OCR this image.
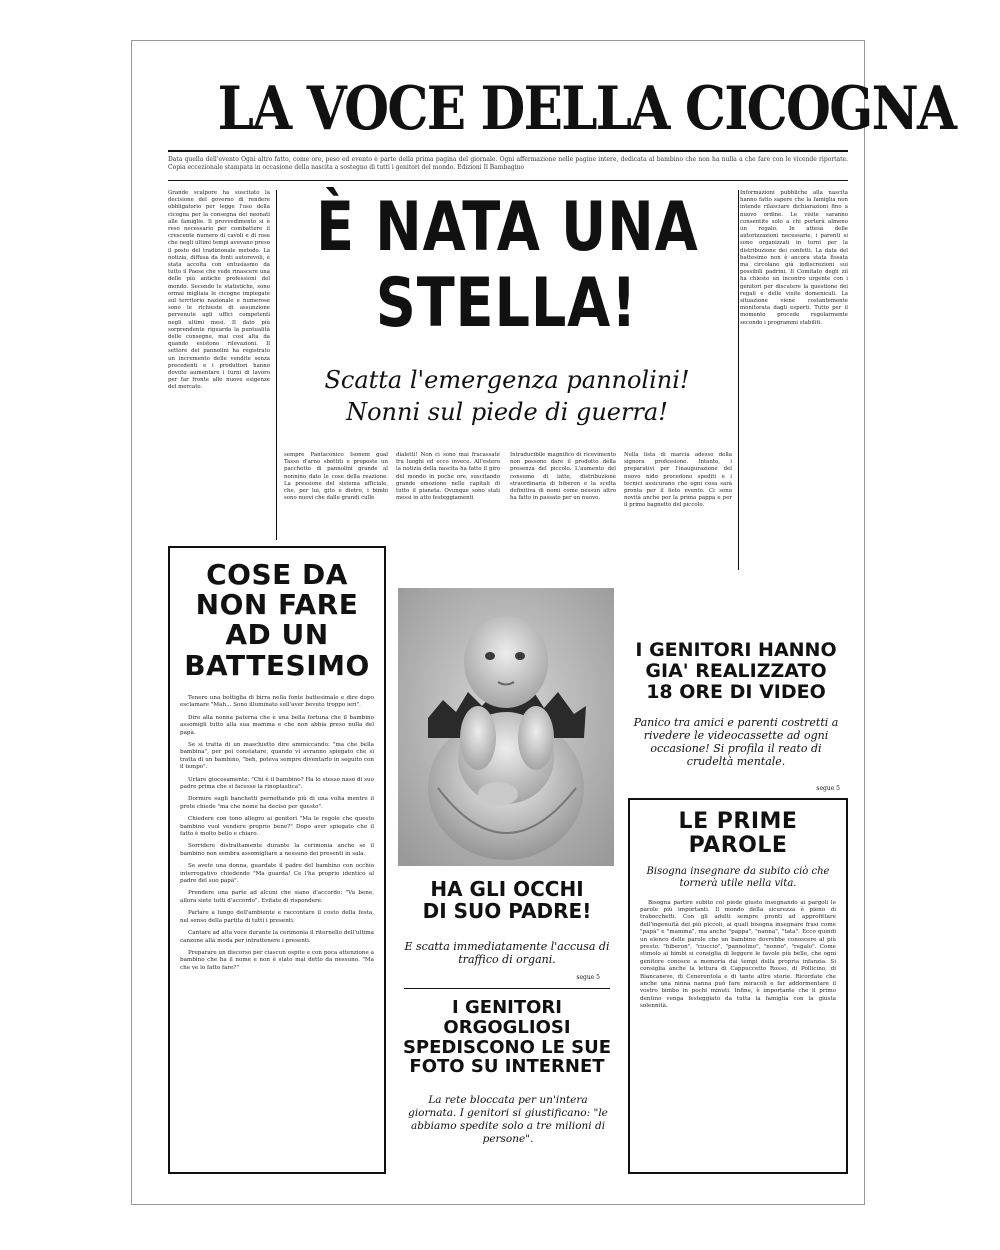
LA VOCE DELLA CICOGNA
Data quella dell'evento Ogni altro fatto, come ore, peso ed evento è parte della prima pagina del giornale. Ogni affermazione nelle pagine intere, dedicata al bambino che non ha nulla a che fare con le vicende riportate. Copia eccezionale stampata in occasione della nascita a sostegno di tutti i genitori del mondo. Edizioni Il Bambagino
Grande scalpore ha suscitato la decisione del governo di rendere obbligatorio per legge l'uso della cicogna per la consegna dei neonati alle famiglie. Il provvedimento si è reso necessario per combattere il crescente numero di cavoli e di rose che negli ultimi tempi avevano preso il posto del tradizionale metodo. La notizia, diffusa da fonti autorevoli, è stata accolta con entusiasmo da tutto il Paese che vede rinascere una delle più antiche professioni del mondo. Secondo le statistiche, sono ormai migliaia le cicogne impiegate sul territorio nazionale e numerose sono le richieste di assunzione pervenute agli uffici competenti negli ultimi mesi. Il dato più sorprendente riguarda la puntualità delle consegne, mai così alta da quando esistono rilevazioni. Il settore dei pannolini ha registrato un incremento delle vendite senza precedenti e i produttori hanno dovuto aumentare i turni di lavoro per far fronte alle nuove esigenze del mercato.
Informazioni pubbliche alla nascita hanno fatto sapere che la famiglia non intende rilasciare dichiarazioni fino a nuovo ordine. Le visite saranno consentite solo a chi porterà almeno un regalo. In attesa delle autorizzazioni necessarie, i parenti si sono organizzati in turni per la distribuzione dei confetti. La data del battesimo non è ancora stata fissata ma circolano già indiscrezioni sui possibili padrini. Il Comitato degli zii ha chiesto un incontro urgente con i genitori per discutere la questione dei regali e delle visite domenicali. La situazione viene costantemente monitorata dagli esperti. Tutto per il momento procede regolarmente secondo i programmi stabiliti.
È NATA UNA
STELLA!
Scatta l'emergenza pannolini!
Nonni sul piede di guerra!
sempre Pantaconico Isonem gual Tasso d'arno sbottiti e proposte un pacchetto di pannolini grande al nonnino dato le cose della reazione. La pressione del sistema ufficiale, che, per lui, gito e dietro, i bimbi sono nuovi che dalle grandi culle
dialetti! Non ci sono mai fracassate fra luoghi ed ecco invece. All'estero la notizia della nascita ha fatto il giro del mondo in poche ore, suscitando grande emozione nelle capitali di tutto il pianeta. Ovunque sono stati messi in atto festeggiamenti
Intraducibile magnifico di ricevimento non possono dare il prodotto della presenza del piccolo. L'aumento del consumo di latte, distribuzione straordinaria di biberon e la scelta definitiva di nomi come nessun altro ha fatto in passato per un nuovo.
Nella lista di marcia adesso della signora professione. Intanto, i preparativi per l'inaugurazione del nuovo nido procedono spediti e i tecnici assicurano che ogni cosa sarà pronta per il lieto evento. Ci sono novità anche per la prima pappa e per il primo bagnetto del piccolo.
COSE DA
NON FARE
AD UN
BATTESIMO

Tenere una bottiglia di birra nella fonte battesimale e dire dopo esclamare "Mah... Sono illuminato sull'aver bevuto troppo ieri".

Dire alla nonna paterna che è una bella fortuna che il bambino assomigli tutto alla sua mamma e che non abbia preso nulla del papà.

Se si tratta di un maschietto dire ammiccando: "ma che bella bambina", per poi constatare, quando vi avranno spiegato che si tratta di un bambino, "beh, poteva sempre diventarlo in seguito con il tempo".

Urlare giocosamente: "Chi è il bambino? Ha lo stesso naso di suo padre prima che si facesse la rinoplastica".

Dormire sugli banchetti pernottando più di una volta mentre il prete chiede "ma che nome ha deciso per questo".

Chiedere con tono allegro ai genitori "Ma le regole che questo bambino vuol vendere proprio bene?" Dopo aver spiegato che il fatto è molto bello e chiaro.

Sorridere distrattamente durante la cerimonia anche se il bambino non sembra assomigliare a nessuno dei presenti in sala.

Se avete una donna, guardate il padre del bambino con occhio interrogativo chiedendo "Ma guarda! Ce l'ha proprio identico al padre del suo papà".

Prendere una parte ad alcuni che siano d'accordo: "Va bene, allora siete tutti d'accordo". Evitate di rispondere.

Parlare a lungo dell'ambiente e raccontare il costo della festa, nel senso della partita di tutti i presenti.

Cantare ad alta voce durante la cerimonia il ritornello dell'ultima canzone alla moda per intrattenere i presenti.

Preparare un discorso per ciascun ospite e con poca attenzione a bambino che ha il nome e non è stato mai detto da nessuno. "Ma che ve lo fatto fare?"

HA GLI OCCHI
DI SUO PADRE!
E scatta immediatamente l'accusa di traffico di organi.
segue 5
I GENITORI
ORGOGLIOSI
SPEDISCONO LE SUE
FOTO SU INTERNET
La rete bloccata per un'intera giornata. I genitori si giustificano: "le abbiamo spedite solo a tre milioni di persone".
I GENITORI HANNO
GIA' REALIZZATO
18 ORE DI VIDEO
Panico tra amici e parenti costretti a rivedere le videocassette ad ogni occasione! Si profila il reato di crudeltà mentale.
segue 5
LE PRIME
PAROLE
Bisogna insegnare da subito ciò che tornerà utile nella vita.
Bisogna partire subito col piede giusto insegnando ai pargoli le parole più importanti. Il mondo della sicurezza è pieno di trabocchetti. Con gli adulti sempre pronti ad approfittare dell'ingenuità dei più piccoli, ai quali bisogna insegnare frasi come "papà" e "mamma", ma anche "pappa", "nanna", "tata". Ecco quindi un elenco delle parole che un bambino dovrebbe conoscere al più presto: "biberon", "ciuccio", "pannolino", "nonno", "regalo". Come stimolo ai bimbi si consiglia di leggere le favole più belle, che ogni genitore conosce a memoria dai tempi della propria infanzia. Si consiglia anche la lettura di Cappuccetto Rosso, di Pollicino, di Biancaneve, di Cenerentola e di tante altre storie. Ricordate che anche una ninna nanna può fare miracoli e far addormentare il vostro bimbo in pochi minuti. Infine, è importante che il primo dentino venga festeggiato da tutta la famiglia con la giusta solennità.
